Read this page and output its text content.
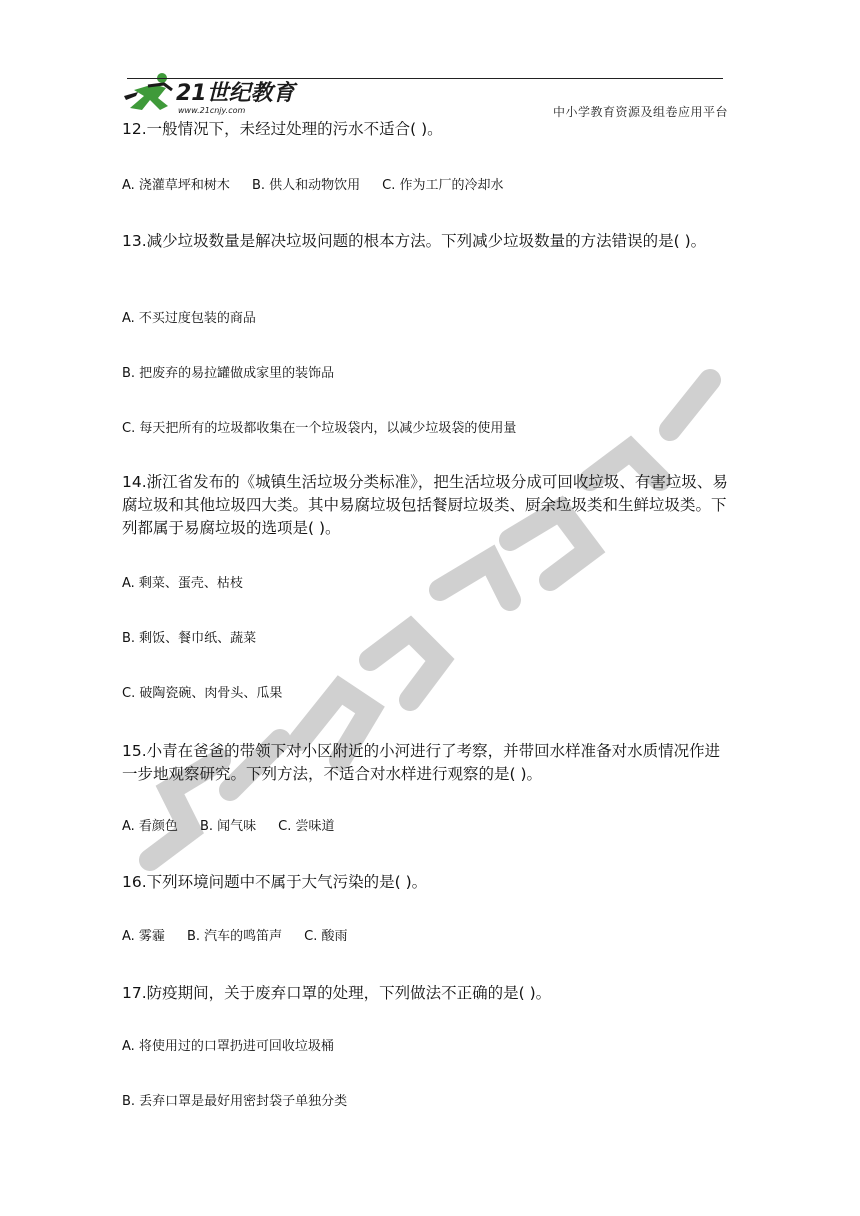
21世纪教育
www.21cnjy.com	中小学教育资源及组卷应用平台
12.一般情况下，未经过处理的污水不适合( )。
A. 浇灌草坪和树木 B. 供人和动物饮用 C. 作为工厂的冷却水
13.减少垃圾数量是解决垃圾问题的根本方法。下列减少垃圾数量的方法错误的是( )。
A. 不买过度包装的商品
B. 把废弃的易拉罐做成家里的装饰品
C. 每天把所有的垃圾都收集在一个垃圾袋内，以减少垃圾袋的使用量
14.浙江省发布的《城镇生活垃圾分类标准》，把生活垃圾分成可回收垃圾、有害垃圾、易腐垃圾和其他垃圾四大类。其中易腐垃圾包括餐厨垃圾类、厨余垃圾类和生鲜垃圾类。下列都属于易腐垃圾的选项是( )。
A. 剩菜、蛋壳、枯枝
B. 剩饭、餐巾纸、蔬菜
C. 破陶瓷碗、肉骨头、瓜果
15.小青在爸爸的带领下对小区附近的小河进行了考察，并带回水样准备对水质情况作进一步地观察研究。下列方法，不适合对水样进行观察的是( )。
A. 看颜色 B. 闻气味 C. 尝味道
16.下列环境问题中不属于大气污染的是( )。
A. 雾霾 B. 汽车的鸣笛声 C. 酸雨
17.防疫期间，关于废弃口罩的处理，下列做法不正确的是( )。
A. 将使用过的口罩扔进可回收垃圾桶
B. 丢弃口罩是最好用密封袋子单独分类
